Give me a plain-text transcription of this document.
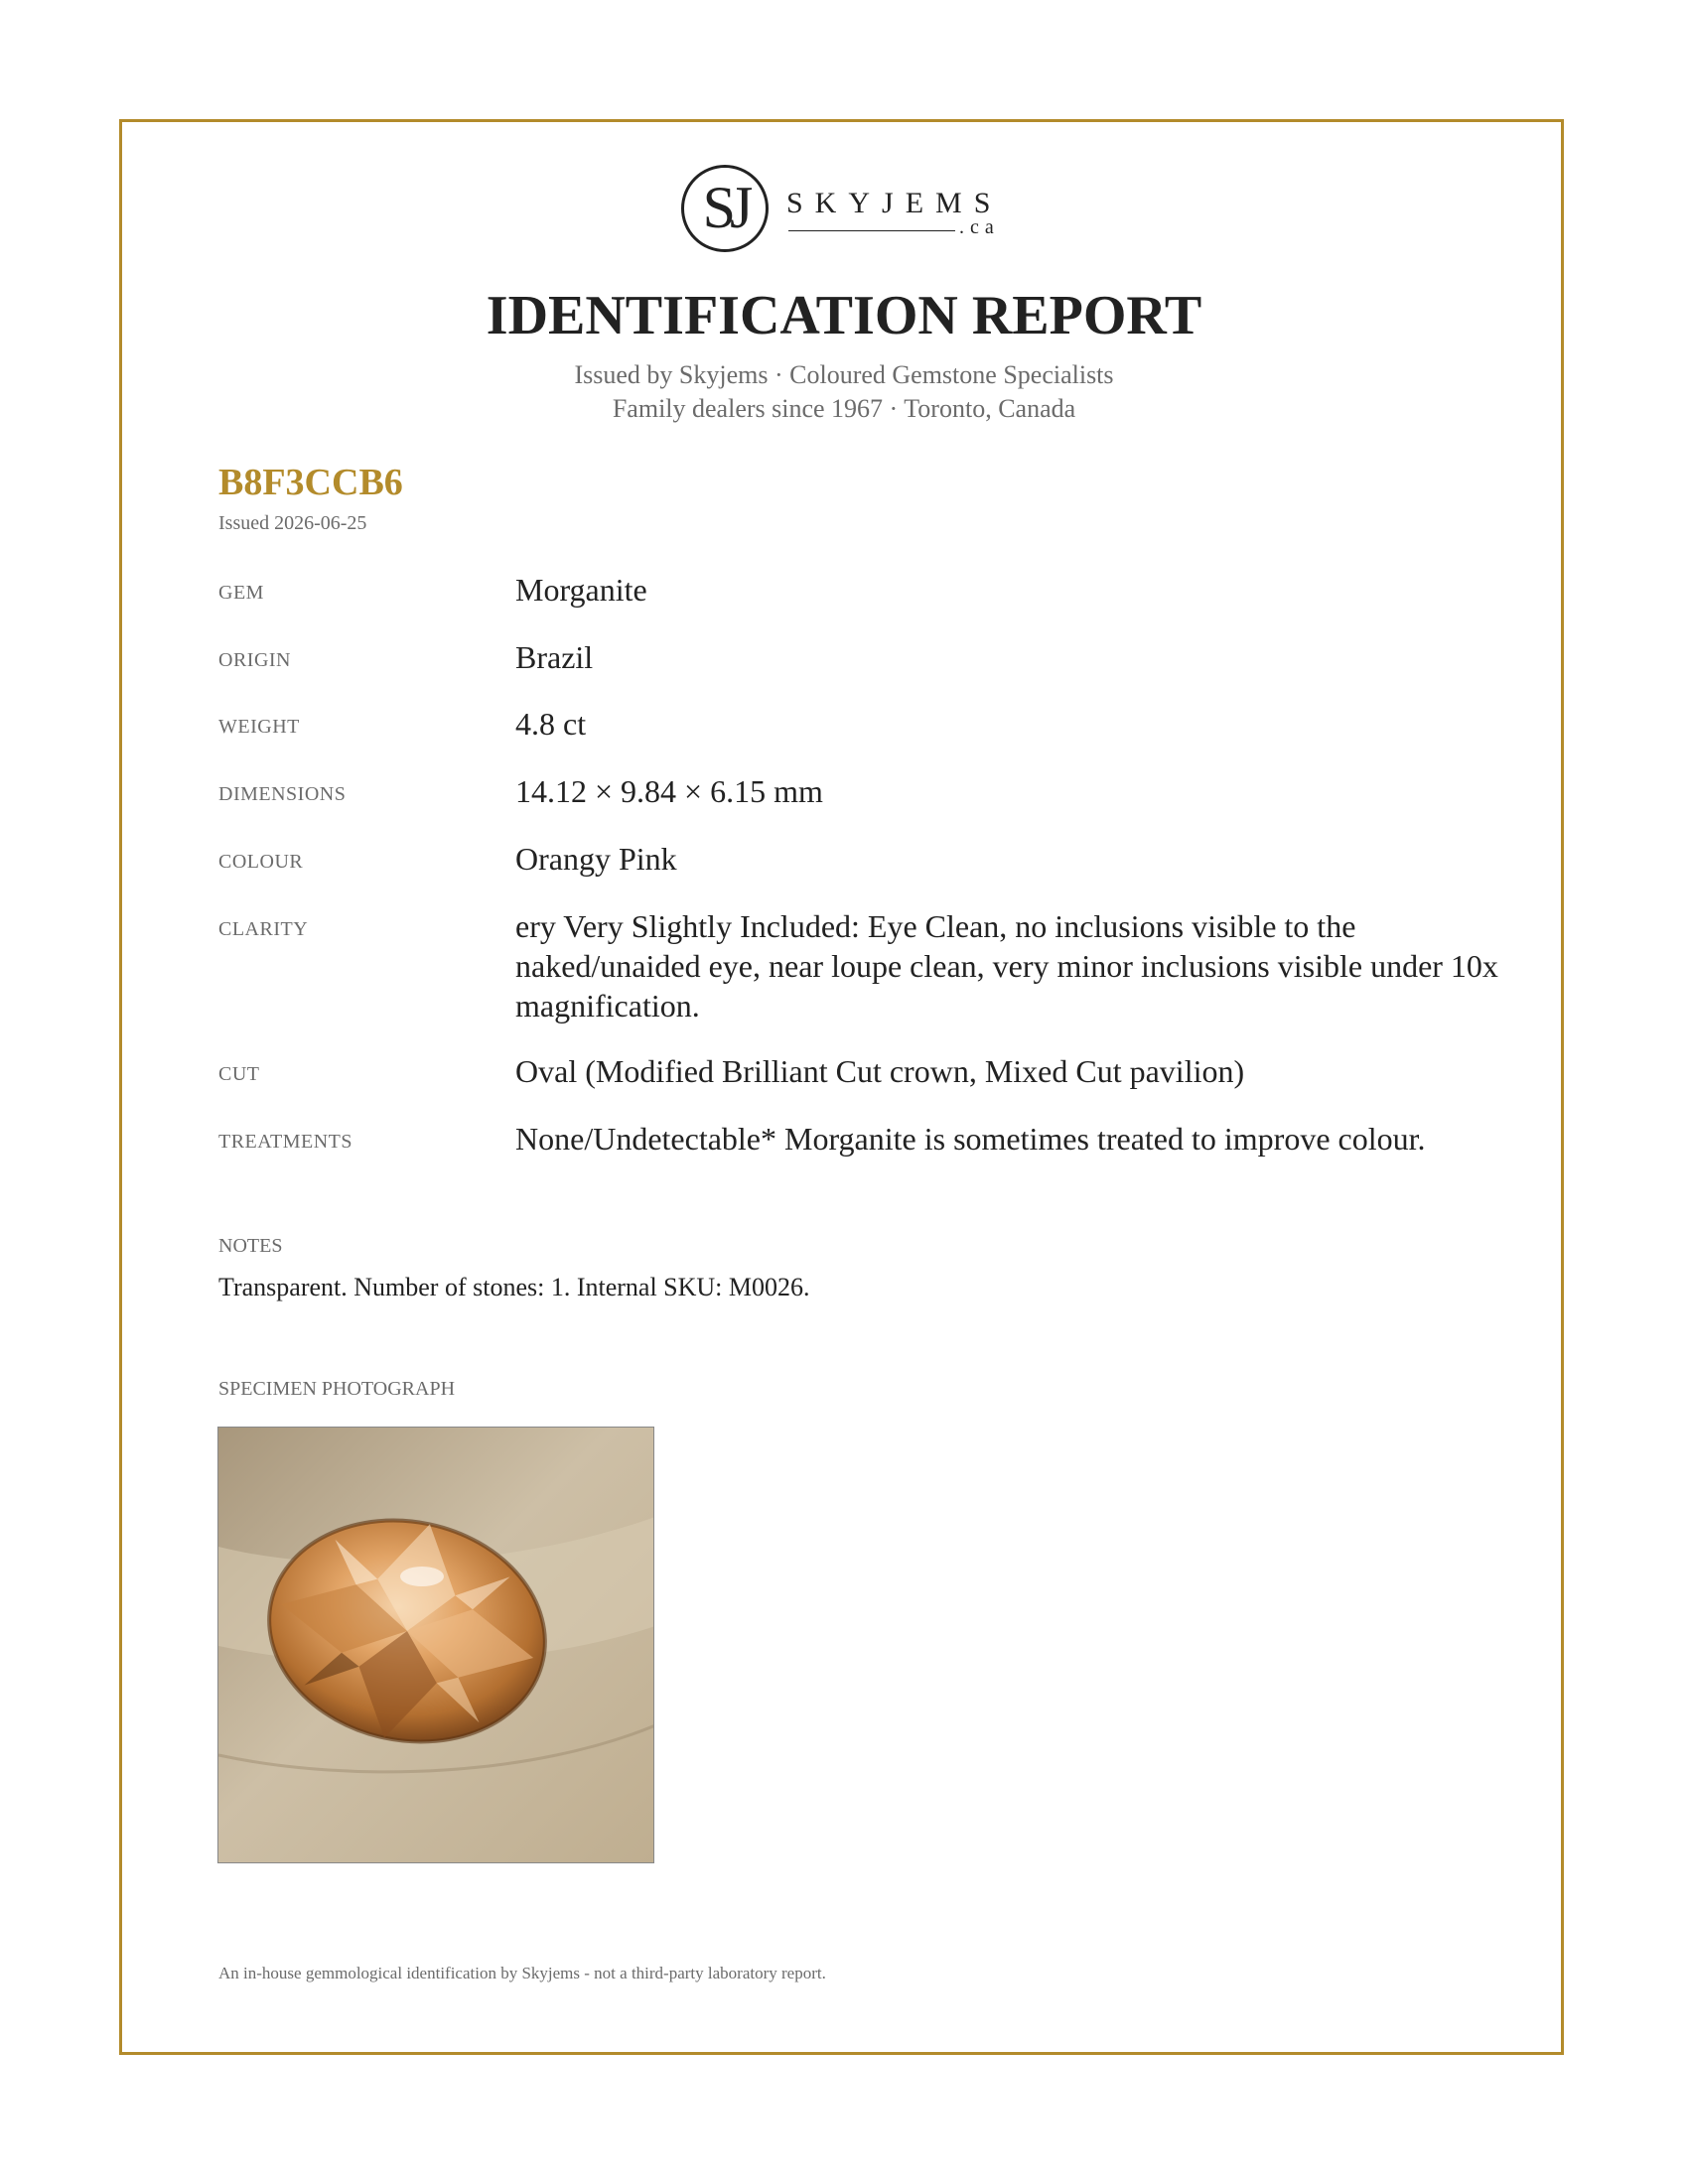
SJ	SKYJEMS
.ca
IDENTIFICATION REPORT
Issued by Skyjems · Coloured Gemstone Specialists
Family dealers since 1967 · Toronto, Canada
B8F3CCB6
Issued 2026-06-25
GEM	Morganite
ORIGIN	Brazil
WEIGHT	4.8 ct
DIMENSIONS	14.12 × 9.84 × 6.15 mm
COLOUR	Orangy Pink
CLARITY	ery Very Slightly Included: Eye Clean, no inclusions visible to the naked/unaided eye, near loupe clean, very minor inclusions visible under 10x magnification.
CUT	Oval (Modified Brilliant Cut crown, Mixed Cut pavilion)
TREATMENTS	None/Undetectable* Morganite is sometimes treated to improve colour.
NOTES
Transparent. Number of stones: 1. Internal SKU: M0026.
SPECIMEN PHOTOGRAPH
An in-house gemmological identification by Skyjems - not a third-party laboratory report.
